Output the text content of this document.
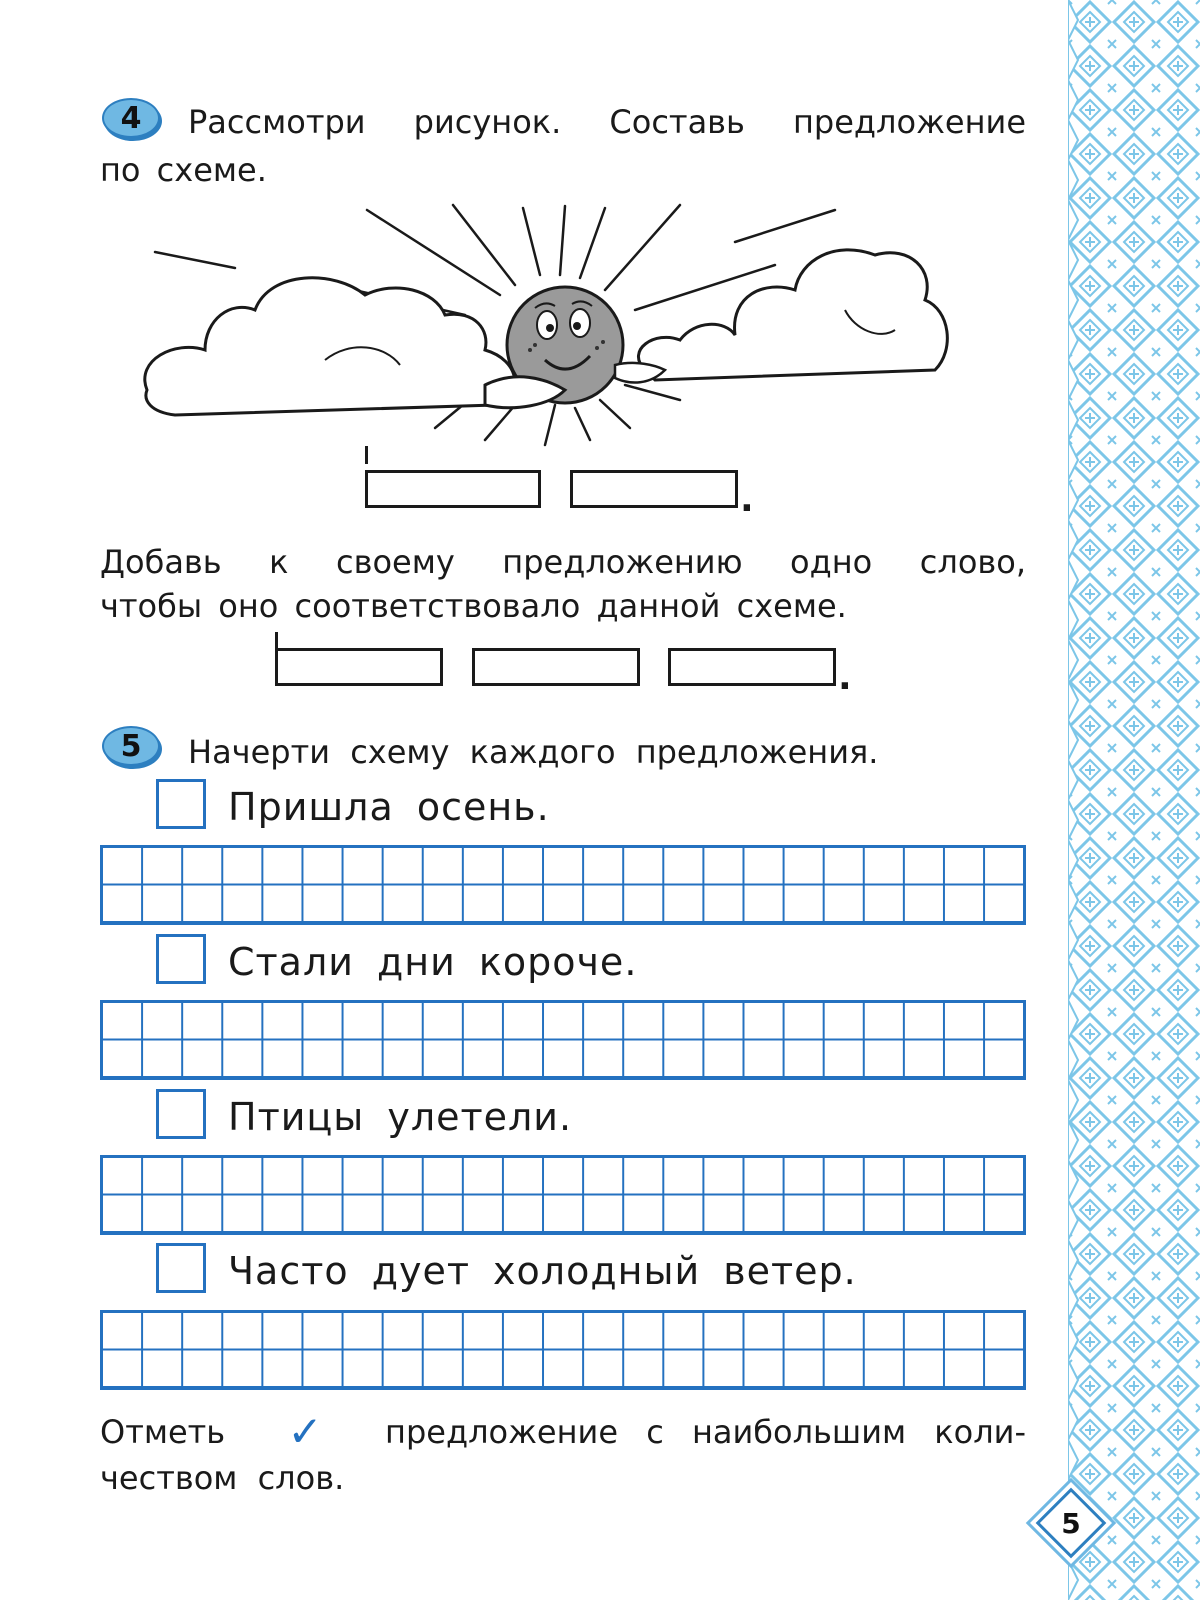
4	Рассмотри рисунок. Составь предложение
по схеме.
.
Добавь к своему предложению одно слово,
чтобы оно соответствовало данной схеме.
.
5	Начерти схему каждого предложения.
Пришла осень.
Стали дни короче.
Птицы улетели.
Часто дует холодный ветер.
Отметь ✓ предложение с наибольшим коли-
чеством слов.
5
